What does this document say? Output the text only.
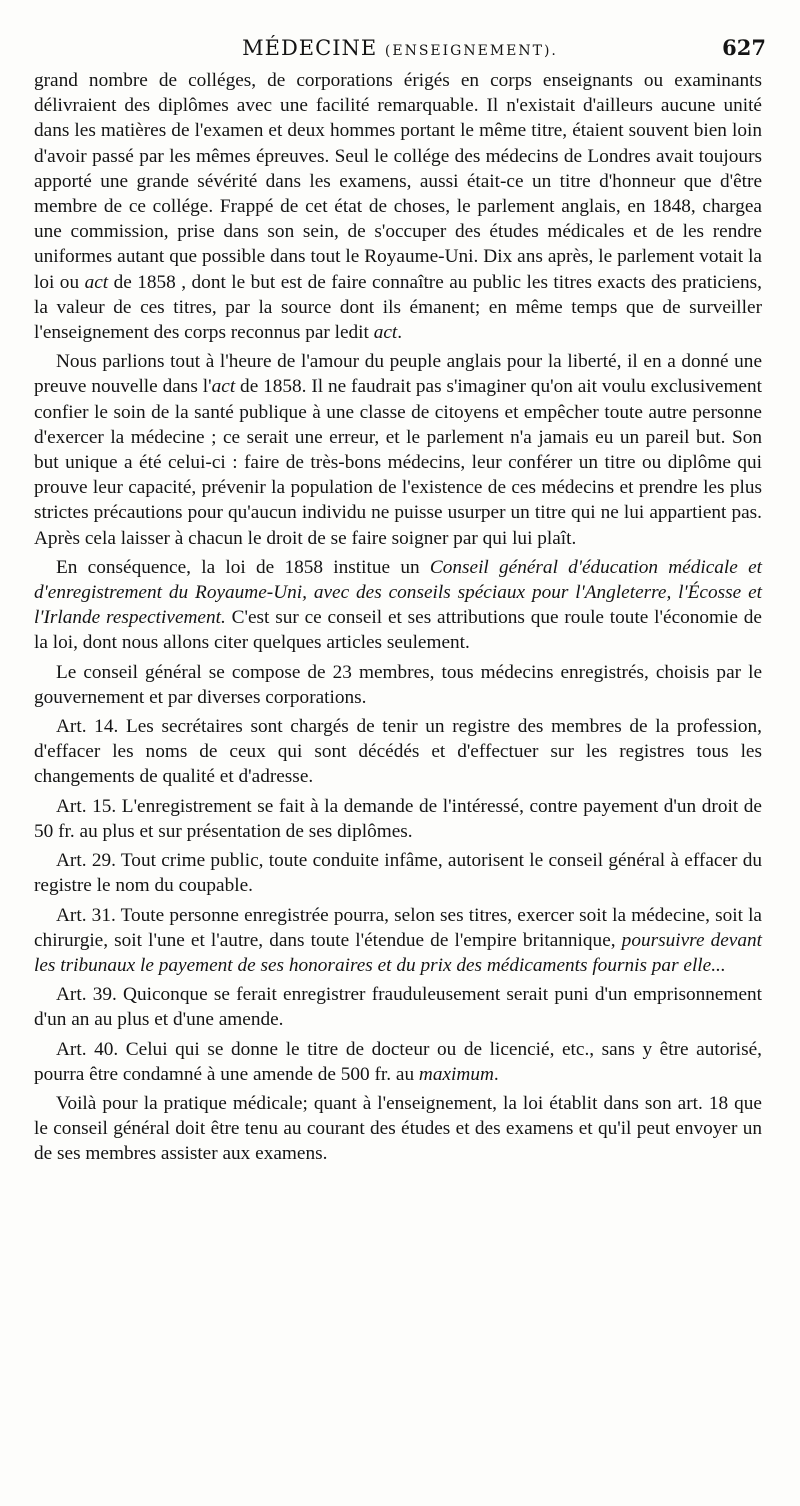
MÉDECINE (ENSEIGNEMENT).	627

grand nombre de colléges, de corporations érigés en corps enseignants ou examinants délivraient des diplômes avec une facilité remarquable. Il n'existait d'ailleurs aucune unité dans les matières de l'examen et deux hommes portant le même titre, étaient souvent bien loin d'avoir passé par les mêmes épreuves. Seul le collége des médecins de Londres avait toujours apporté une grande sévérité dans les examens, aussi était-ce un titre d'honneur que d'être membre de ce collége. Frappé de cet état de choses, le parlement anglais, en 1848, chargea une commission, prise dans son sein, de s'occuper des études médicales et de les rendre uniformes autant que possible dans tout le Royaume-Uni. Dix ans après, le parlement votait la loi ou act de 1858 , dont le but est de faire connaître au public les titres exacts des praticiens, la valeur de ces titres, par la source dont ils émanent; en même temps que de surveiller l'enseignement des corps reconnus par ledit act.

Nous parlions tout à l'heure de l'amour du peuple anglais pour la liberté, il en a donné une preuve nouvelle dans l'act de 1858. Il ne faudrait pas s'imaginer qu'on ait voulu exclusivement confier le soin de la santé publique à une classe de citoyens et empêcher toute autre personne d'exercer la médecine ; ce serait une erreur, et le parlement n'a jamais eu un pareil but. Son but unique a été celui-ci : faire de très-bons médecins, leur conférer un titre ou diplôme qui prouve leur capacité, prévenir la population de l'existence de ces médecins et prendre les plus strictes précautions pour qu'aucun individu ne puisse usurper un titre qui ne lui appartient pas. Après cela laisser à chacun le droit de se faire soigner par qui lui plaît.

En conséquence, la loi de 1858 institue un Conseil général d'éducation médicale et d'enregistrement du Royaume-Uni, avec des conseils spéciaux pour l'Angleterre, l'Écosse et l'Irlande respectivement. C'est sur ce conseil et ses attributions que roule toute l'économie de la loi, dont nous allons citer quelques articles seulement.

Le conseil général se compose de 23 membres, tous médecins enregistrés, choisis par le gouvernement et par diverses corporations.

Art. 14. Les secrétaires sont chargés de tenir un registre des membres de la profession, d'effacer les noms de ceux qui sont décédés et d'effectuer sur les registres tous les changements de qualité et d'adresse.

Art. 15. L'enregistrement se fait à la demande de l'intéressé, contre payement d'un droit de 50 fr. au plus et sur présentation de ses diplômes.

Art. 29. Tout crime public, toute conduite infâme, autorisent le conseil général à effacer du registre le nom du coupable.

Art. 31. Toute personne enregistrée pourra, selon ses titres, exercer soit la médecine, soit la chirurgie, soit l'une et l'autre, dans toute l'étendue de l'empire britannique, poursuivre devant les tribunaux le payement de ses honoraires et du prix des médicaments fournis par elle...

Art. 39. Quiconque se ferait enregistrer frauduleusement serait puni d'un emprisonnement d'un an au plus et d'une amende.

Art. 40. Celui qui se donne le titre de docteur ou de licencié, etc., sans y être autorisé, pourra être condamné à une amende de 500 fr. au maximum.

Voilà pour la pratique médicale; quant à l'enseignement, la loi établit dans son art. 18 que le conseil général doit être tenu au courant des études et des examens et qu'il peut envoyer un de ses membres assister aux examens.
